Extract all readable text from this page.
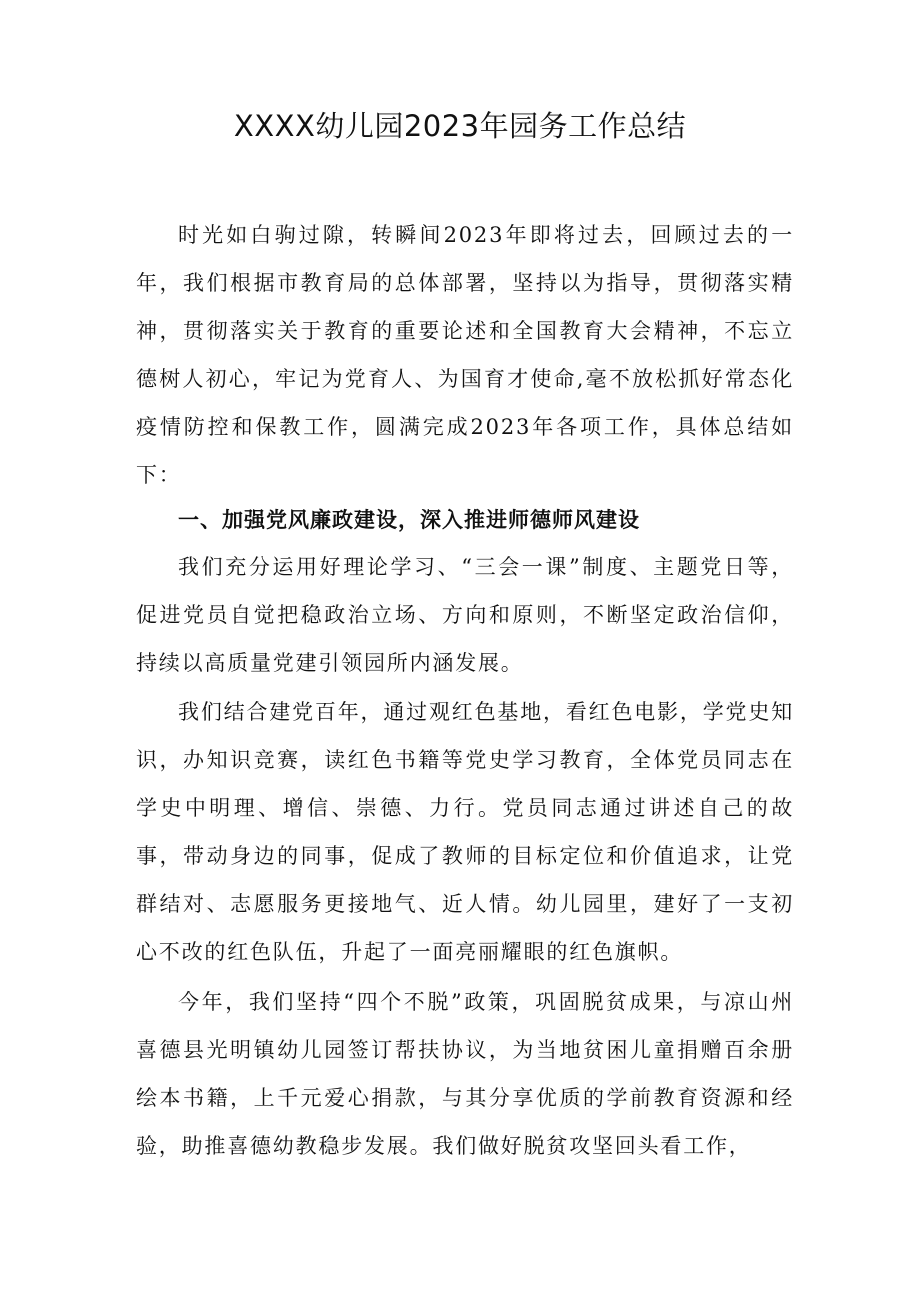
XXXX幼儿园2023年园务工作总结

时光如白驹过隙，转瞬间2023年即将过去，回顾过去的一年，我们根据市教育局的总体部署，坚持以为指导，贯彻落实精神，贯彻落实关于教育的重要论述和全国教育大会精神，不忘立德树人初心，牢记为党育人、为国育才使命,毫不放松抓好常态化疫情防控和保教工作，圆满完成2023年各项工作，具体总结如下：

一、加强党风廉政建设，深入推进师德师风建设

我们充分运用好理论学习、“三会一课”制度、主题党日等，促进党员自觉把稳政治立场、方向和原则，不断坚定政治信仰，持续以高质量党建引领园所内涵发展。

我们结合建党百年，通过观红色基地，看红色电影，学党史知识，办知识竞赛，读红色书籍等党史学习教育，全体党员同志在学史中明理、增信、崇德、力行。党员同志通过讲述自己的故事，带动身边的同事，促成了教师的目标定位和价值追求，让党群结对、志愿服务更接地气、近人情。幼儿园里，建好了一支初心不改的红色队伍，升起了一面亮丽耀眼的红色旗帜。

今年，我们坚持“四个不脱”政策，巩固脱贫成果，与凉山州喜德县光明镇幼儿园签订帮扶协议，为当地贫困儿童捐赠百余册绘本书籍，上千元爱心捐款，与其分享优质的学前教育资源和经验，助推喜德幼教稳步发展。我们做好脱贫攻坚回头看工作，
